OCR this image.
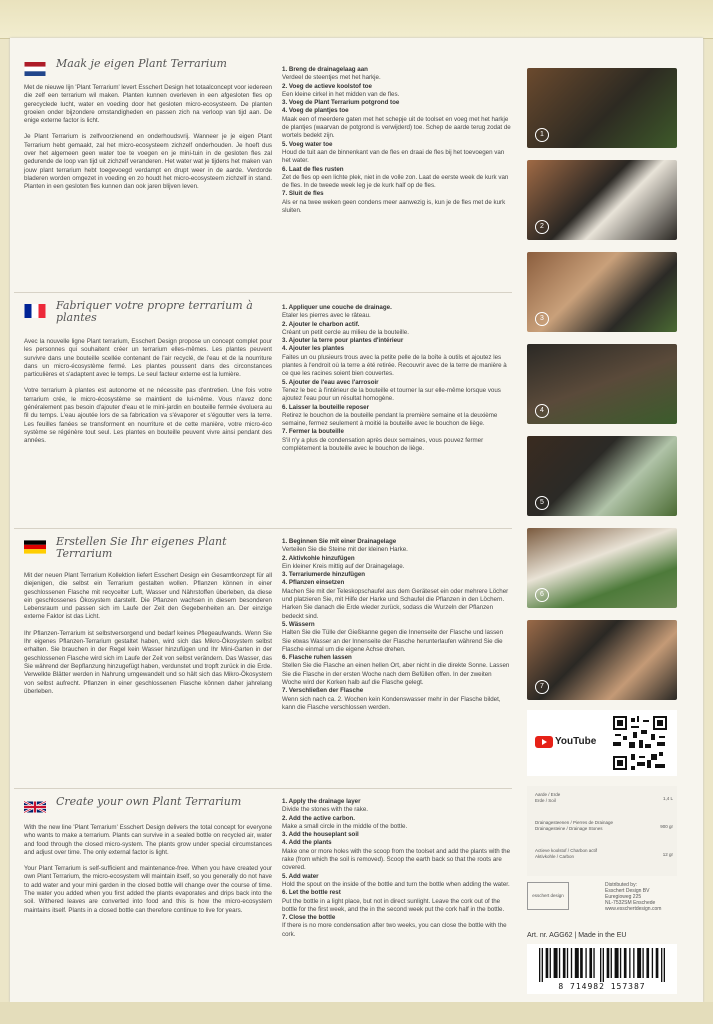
Maak je eigen Plant Terrarium

Met de nieuwe lijn 'Plant Terrarium' levert Esschert Design het totaalconcept voor iedereen die zelf een terrarium wil maken. Planten kunnen overleven in een afgesloten fles op gerecyclede lucht, water en voeding door het gesloten micro-ecosysteem. De planten groeien onder bijzondere omstandigheden en passen zich na verloop van tijd aan. De enige externe factor is licht.

Je Plant Terrarium is zelfvoorzienend en onderhoudsvrij. Wanneer je je eigen Plant Terrarium hebt gemaakt, zal het micro-ecosysteem zichzelf onderhouden. Je hoeft dus over het algemeen geen water toe te voegen en je mini-tuin in de gesloten fles zal gedurende de loop van tijd uit zichzelf veranderen. Het water wat je tijdens het maken van jouw plant terrarium hebt toegevoegd verdampt en drupt weer in de aarde. Verdorde bladeren worden omgezet in voeding en zo houdt het micro-ecosysteem zichzelf in stand. Planten in een gesloten fles kunnen dan ook jaren blijven leven.

1. Breng de drainagelaag aan
Verdeel de steentjes met het harkje.
2. Voeg de actieve koolstof toe
Een kleine cirkel in het midden van de fles.
3. Voeg de Plant Terrarium potgrond toe
4. Voeg de plantjes toe
Maak een of meerdere gaten met het schepje uit de toolset en voeg met het harkje de plantjes (waarvan de potgrond is verwijderd) toe. Schep de aarde terug zodat de wortels bedekt zijn.
5. Voeg water toe
Houd de tuit aan de binnenkant van de fles en draai de fles bij het toevoegen van het water.
6. Laat de fles rusten
Zet de fles op een lichte plek, niet in de volle zon. Laat de eerste week de kurk van de fles. In de tweede week leg je de kurk half op de fles.
7. Sluit de fles
Als er na twee weken geen condens meer aanwezig is, kun je de fles met de kurk sluiten.
Fabriquer votre propre terrarium à plantes

Avec la nouvelle ligne Plant terrarium, Esschert Design propose un concept complet pour les personnes qui souhaitent créer un terrarium elles-mêmes. Les plantes peuvent survivre dans une bouteille scellée contenant de l'air recyclé, de l'eau et de la nourriture dans un micro-écosystème fermé. Les plantes poussent dans des circonstances particulières et s'adaptent avec le temps. Le seul facteur externe est la lumière.

Votre terrarium à plantes est autonome et ne nécessite pas d'entretien. Une fois votre terrarium crée, le micro-écosystème se maintient de lui-même. Vous n'avez donc généralement pas besoin d'ajouter d'eau et le mini-jardin en bouteille fermée évoluera au fil du temps. L'eau ajoutée lors de sa fabrication va s'évaporer et s'égoutter vers la terre. Les feuilles fanées se transforment en nourriture et de cette manière, votre micro-éco système se régénère tout seul. Les plantes en bouteille peuvent vivre ainsi pendant des années.

1. Appliquer une couche de drainage.
Etaler les pierres avec le râteau.
2. Ajouter le charbon actif.
Créant un petit cercle au milieu de la bouteille.
3. Ajouter la terre pour plantes d'intérieur
4. Ajouter les plantes
Faites un ou plusieurs trous avec la petite pelle de la boîte à outils et ajoutez les plantes à l'endroit où la terre a été retirée. Recouvrir avec de la terre de manière à ce que les racines soient bien couvertes.
5. Ajouter de l'eau avec l'arrosoir
Tenez le bec à l'intérieur de la bouteille et tourner la sur elle-même lorsque vous ajoutez l'eau pour un résultat homogène.
6. Laisser la bouteille reposer
Retirez le bouchon de la bouteille pendant la première semaine et la deuxième semaine, fermez seulement à moitié la bouteille avec le bouchon de liège.
7. Fermer la bouteille
S'il n'y a plus de condensation après deux semaines, vous pouvez fermer complètement la bouteille avec le bouchon de liège.
Erstellen Sie Ihr eigenes Plant Terrarium

Mit der neuen Plant Terrarium Kollektion liefert Esschert Design ein Gesamtkonzept für all diejenigen, die selbst ein Terrarium gestalten wollen. Pflanzen können in einer geschlossenen Flasche mit recycelter Luft, Wasser und Nährstoffen überleben, da diese ein geschlossenes Ökosystem darstellt. Die Pflanzen wachsen in diesem besonderen Lebensraum und passen sich im Laufe der Zeit den Gegebenheiten an. Der einzige externe Faktor ist das Licht.

Ihr Pflanzen-Terrarium ist selbstversorgend und bedarf keines Pflegeaufwands. Wenn Sie Ihr eigenes Pflanzen-Terrarium gestaltet haben, wird sich das Mikro-Ökosystem selbst erhalten. Sie brauchen in der Regel kein Wasser hinzufügen und Ihr Mini-Garten in der geschlossenen Flasche wird sich im Laufe der Zeit von selbst verändern. Das Wasser, das Sie während der Bepflanzung hinzugefügt haben, verdunstet und tropft zurück in die Erde. Verwelkte Blätter werden in Nahrung umgewandelt und so hält sich das Mikro-Ökosystem von selbst aufrecht. Pflanzen in einer geschlossenen Flasche können daher jahrelang überleben.

1. Beginnen Sie mit einer Drainagelage
Verteilen Sie die Steine mit der kleinen Harke.
2. Aktivkohle hinzufügen
Ein kleiner Kreis mittig auf der Drainagelage.
3. Terrariumerde hinzufügen
4. Pflanzen einsetzen
Machen Sie mit der Teleskopschaufel aus dem Geräteset ein oder mehrere Löcher und platzieren Sie, mit Hilfe der Harke und Schaufel die Pflanzen in den Löchern. Harken Sie danach die Erde wieder zurück, sodass die Wurzeln der Pflanzen bedeckt sind.
5. Wässern
Halten Sie die Tülle der Gießkanne gegen die Innenseite der Flasche und lassen Sie etwas Wasser an der Innenseite der Flasche herunterlaufen während Sie die Flasche einmal um die eigene Achse drehen.
6. Flasche ruhen lassen
Stellen Sie die Flasche an einen hellen Ort, aber nicht in die direkte Sonne. Lassen Sie die Flasche in der ersten Woche nach dem Befüllen offen. In der zweiten Woche wird der Korken halb auf die Flasche gelegt.
7. Verschließen der Flasche
Wenn sich nach ca. 2. Wochen kein Kondenswasser mehr in der Flasche bildet, kann die Flasche verschlossen werden.
Create your own Plant Terrarium

With the new line 'Plant Terrarium' Esschert Design delivers the total concept for everyone who wants to make a terrarium. Plants can survive in a sealed bottle on recycled air, water and food through the closed micro-system. The plants grow under special circumstances and adjust over time. The only external factor is light.

Your Plant Terrarium is self-sufficient and maintenance-free. When you have created your own Plant Terrarium, the micro-ecosystem will maintain itself, so you generally do not have to add water and your mini garden in the closed bottle will change over the course of time. The water you added when you first added the plants evaporates and drips back into the soil. Withered leaves are converted into food and this is how the micro-ecosystem maintains itself. Plants in a closed bottle can therefore continue to live for years.

1. Apply the drainage layer
Divide the stones with the rake.
2. Add the active carbon.
Make a small circle in the middle of the bottle.
3. Add the houseplant soil
4. Add the plants
Make one or more holes with the scoop from the toolset and add the plants with the rake (from which the soil is removed). Scoop the earth back so that the roots are covered.
5. Add water
Hold the spout on the inside of the bottle and turn the bottle when adding the water.
6. Let the bottle rest
Put the bottle in a light place, but not in direct sunlight. Leave the cork out of the bottle for the first week, and the in the second week put the cork half in the bottle.
7. Close the bottle
If there is no more condensation after two weeks, you can close the bottle with the cork.
1
2
3
4
5
6
7
YouTube
Aarde / Erde
Erde / Soil	1,4 L
Drainagesteenen / Pierres de Drainage
Drainagesteine / Drainage Stones	900 gr
Actieve koolstof / Charbon actif
Aktivkohle / Carbon	12 gr
esschert design
Distributed by:
Esschert Design BV
Euregioweg 225
NL-7532SM Enschede
www.esschertdesign.com
Art. nr. AGG62 | Made in the EU
8 714982 157387
